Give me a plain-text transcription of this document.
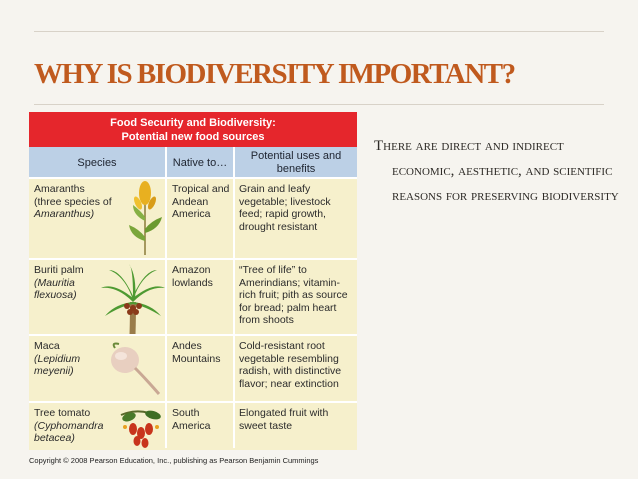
WHY IS BIODIVERSITY IMPORTANT?
There are direct and indirect economic, aesthetic, and scientific reasons for preserving biodiversity
Food Security and Biodiversity:
Potential new food sources
Species	Native to…
Potential uses and benefits
Amaranths
(three species of
Amaranthus)
Tropical and Andean America
Grain and leafy vegetable; livestock feed; rapid growth, drought resistant
Buriti palm
(Mauritia flexuosa)
Amazon lowlands
“Tree of life” to Amerindians; vitamin-rich fruit; pith as source for bread; palm heart from shoots
Maca
(Lepidium meyenii)
Andes Mountains
Cold-resistant root vegetable resembling radish, with distinctive flavor; near extinction
Tree tomato
(Cyphomandra betacea)
South America
Elongated fruit with sweet taste
Copyright © 2008 Pearson Education, Inc., publishing as Pearson Benjamin Cummings
